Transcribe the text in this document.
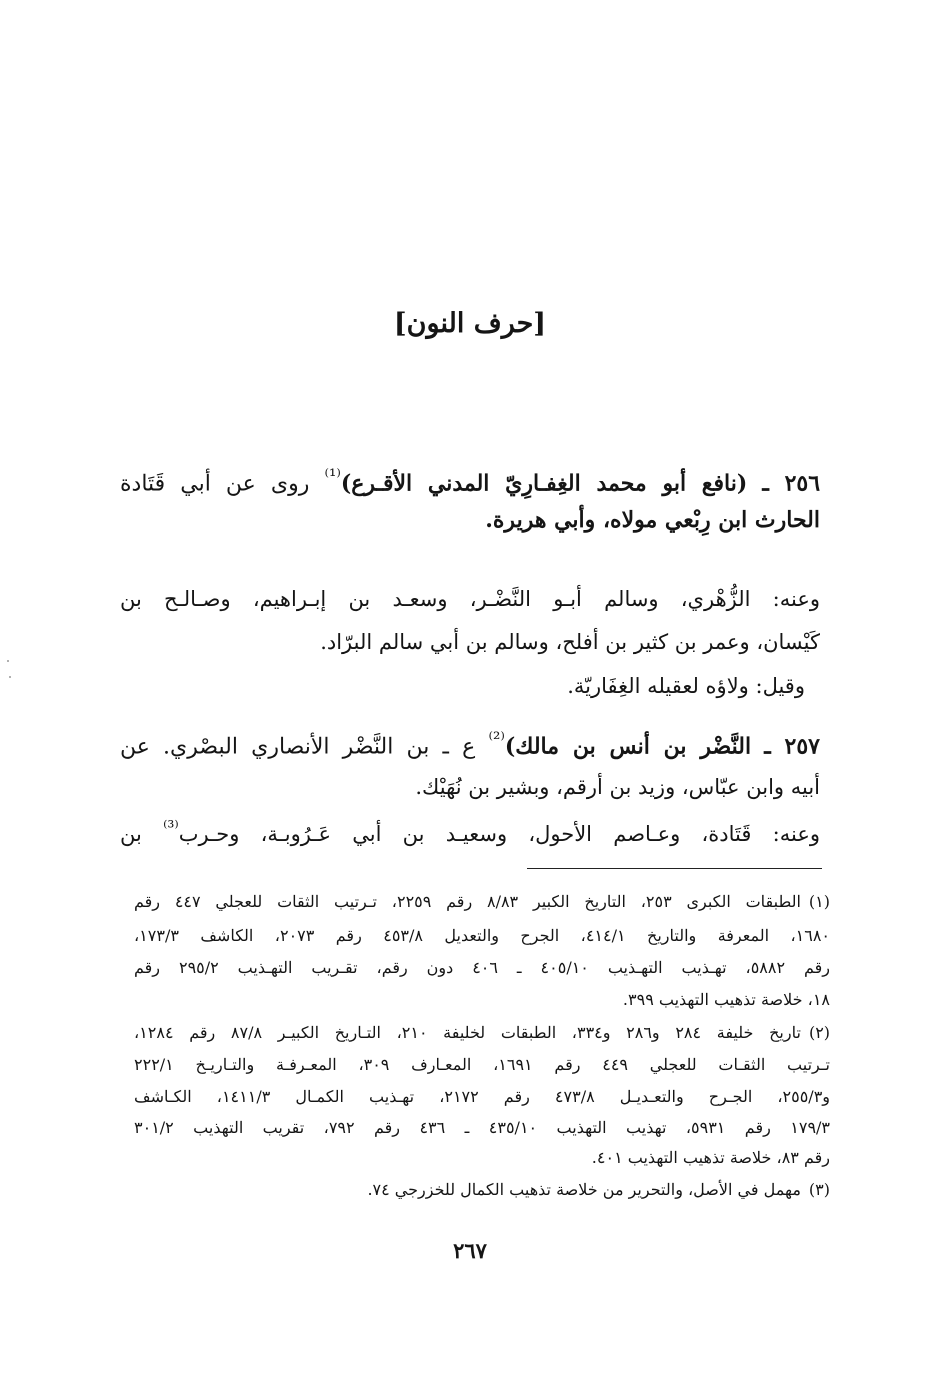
[حرف النون]
٢٥٦ ـ (نافع أبو محمد الغِفـارِيّ المدني الأقـرع)$^{^{(1)}}$ روى عن أبي قَتَادة
الحارث ابن رِبْعي مولاه، وأبي هريرة.
وعنه: الزُّهْري، وسالم أبـو النَّضْـر، وسعـد بن إبـراهيم، وصـالـح بن
كَيْسان، وعمر بن كثير بن أفلح، وسالم بن أبي سالم البرّاد.
وقيل: ولاؤه لعقيله الغِفَاريّة.
٢٥٧ ـ النَّضْر بن أنس بن مالك)$^{^{(2)}}$ ع ـ بن النَّضْر الأنصاري البصْري. عن
أبيه وابن عبّاس، وزيد بن أرقم، وبشير بن نُهَيْك.
وعنه: قَتَادة، وعـاصم الأحول، وسعيـد بن أبي عَـرُوبـة، وحـرب$^{^{(3)}}$ بن
(١)الطبقات الكبرى ٢٥٣، التاريخ الكبير ٨/٨٣ رقم ٢٢٥٩، تـرتيب الثقات للعجلي ٤٤٧ رقم
١٦٨٠، المعرفة والتاريخ ٤١٤/١، الجرح والتعديل ٤٥٣/٨ رقم ٢٠٧٣، الكاشف ١٧٣/٣،
رقم ٥٨٨٢، تهـذيب التهـذيب ٤٠٥/١٠ ـ ٤٠٦ دون رقم، تقـريب التهـذيب ٢٩٥/٢ رقم
١٨، خلاصة تذهيب التهذيب ٣٩٩.
(٢)تاريخ خليفة ٢٨٤ و٢٨٦ و٣٣٤، الطبقات لخليفة ٢١٠، التـاريخ الكبيـر ٨٧/٨ رقم ١٢٨٤،
تـرتيب الثقـات للعجلي ٤٤٩ رقم ١٦٩١، المعـارف ٣٠٩، المعـرفـة والتـاريـخ ٢٢٢/١
و٢٥٥/٣، الجـرح والتعـديـل ٤٧٣/٨ رقم ٢١٧٢، تهـذيب الكمـال ١٤١١/٣، الكـاشف
١٧٩/٣ رقم ٥٩٣١، تهذيب التهذيب ٤٣٥/١٠ ـ ٤٣٦ رقم ٧٩٢، تقريب التهذيب ٣٠١/٢
رقم ٨٣، خلاصة تذهيب التهذيب ٤٠١.
(٣)مهمل في الأصل، والتحرير من خلاصة تذهيب الكمال للخزرجي ٧٤.
٢٦٧
